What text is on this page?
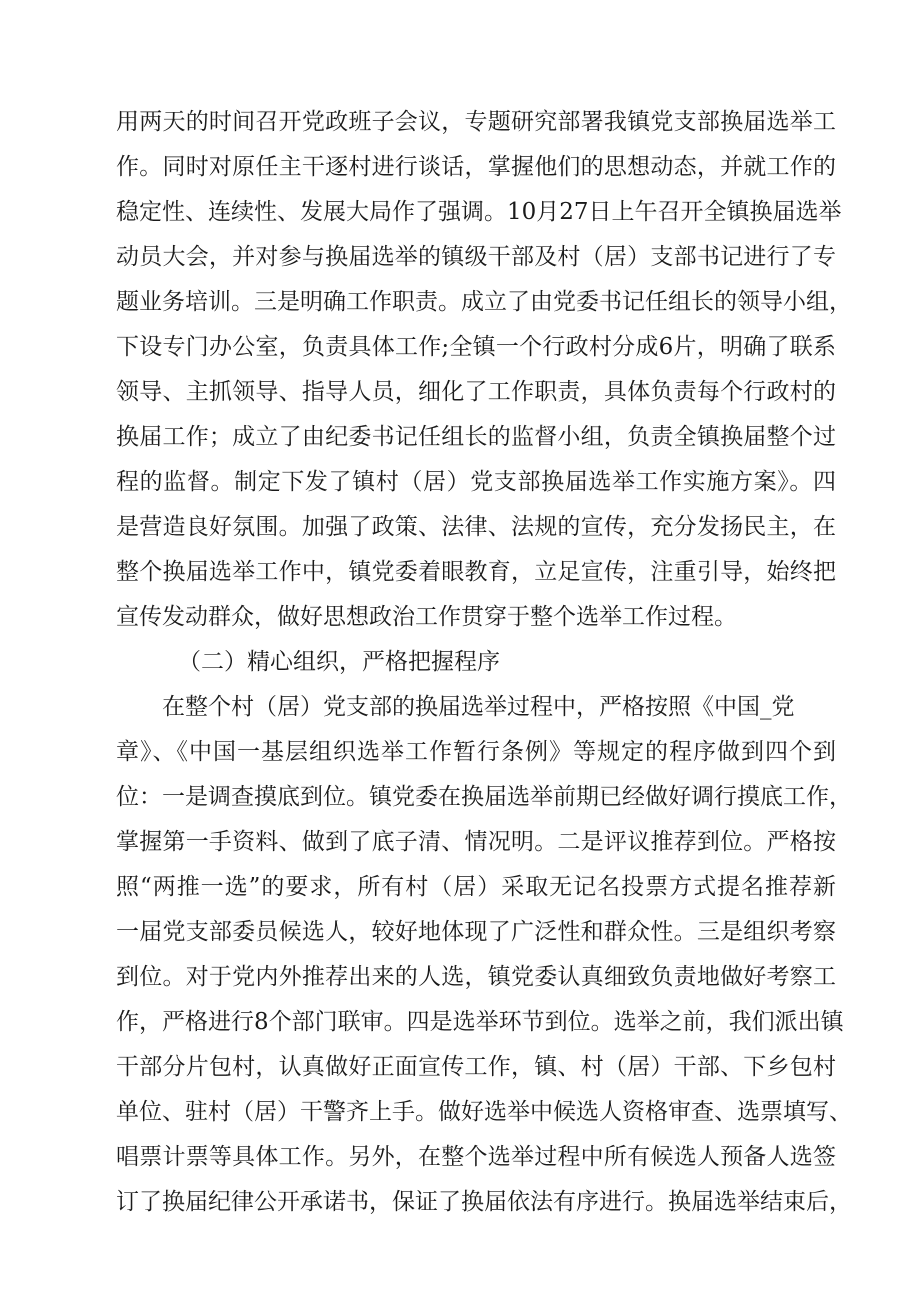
用两天的时间召开党政班子会议，专题研究部署我镇党支部换届选举工
作。同时对原任主干逐村进行谈话，掌握他们的思想动态，并就工作的
稳定性、连续性、发展大局作了强调。10月27日上午召开全镇换届选举
动员大会，并对参与换届选举的镇级干部及村（居）支部书记进行了专
题业务培训。三是明确工作职责。成立了由党委书记任组长的领导小组，
下设专门办公室，负责具体工作;全镇一个行政村分成6片，明确了联系
领导、主抓领导、指导人员，细化了工作职责，具体负责每个行政村的
换届工作；成立了由纪委书记任组长的监督小组，负责全镇换届整个过
程的监督。制定下发了镇村（居）党支部换届选举工作实施方案》。四
是营造良好氛围。加强了政策、法律、法规的宣传，充分发扬民主，在
整个换届选举工作中，镇党委着眼教育，立足宣传，注重引导，始终把
宣传发动群众，做好思想政治工作贯穿于整个选举工作过程。
（二）精心组织，严格把握程序
在整个村（居）党支部的换届选举过程中，严格按照《中国_党
章》、《中国一基层组织选举工作暂行条例》等规定的程序做到四个到
位：一是调查摸底到位。镇党委在换届选举前期已经做好调行摸底工作，
掌握第一手资料、做到了底子清、情况明。二是评议推荐到位。严格按
照“两推一选”的要求，所有村（居）采取无记名投票方式提名推荐新
一届党支部委员候选人，较好地体现了广泛性和群众性。三是组织考察
到位。对于党内外推荐出来的人选，镇党委认真细致负责地做好考察工
作，严格进行8个部门联审。四是选举环节到位。选举之前，我们派出镇
干部分片包村，认真做好正面宣传工作，镇、村（居）干部、下乡包村
单位、驻村（居）干警齐上手。做好选举中候选人资格审查、选票填写、
唱票计票等具体工作。另外，在整个选举过程中所有候选人预备人选签
订了换届纪律公开承诺书，保证了换届依法有序进行。换届选举结束后，
